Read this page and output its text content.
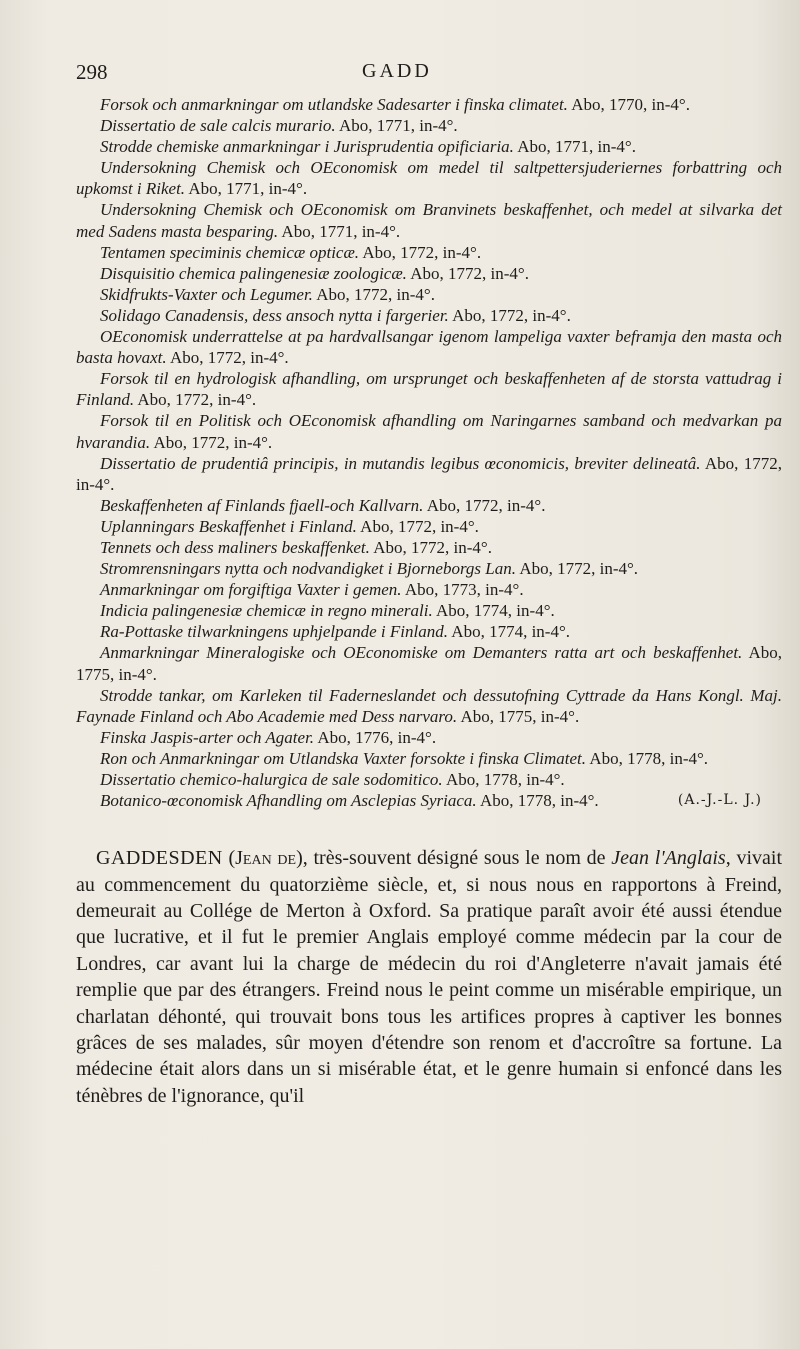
298	GADD

Forsok och anmarkningar om utlandske Sadesarter i finska climatet. Abo, 1770, in-4°.

Dissertatio de sale calcis murario. Abo, 1771, in-4°.

Strodde chemiske anmarkningar i Jurisprudentia opificiaria. Abo, 1771, in-4°.

Undersokning Chemisk och OEconomisk om medel til saltpettersjuderiernes forbattring och upkomst i Riket. Abo, 1771, in-4°.

Undersokning Chemisk och OEconomisk om Branvinets beskaffenhet, och medel at silvarka det med Sadens masta besparing. Abo, 1771, in-4°.

Tentamen speciminis chemicæ opticæ. Abo, 1772, in-4°.

Disquisitio chemica palingenesiæ zoologicæ. Abo, 1772, in-4°.

Skidfrukts-Vaxter och Legumer. Abo, 1772, in-4°.

Solidago Canadensis, dess ansoch nytta i fargerier. Abo, 1772, in-4°.

OEconomisk underrattelse at pa hardvallsangar igenom lampeliga vaxter beframja den masta och basta hovaxt. Abo, 1772, in-4°.

Forsok til en hydrologisk afhandling, om ursprunget och beskaffenheten af de storsta vattudrag i Finland. Abo, 1772, in-4°.

Forsok til en Politisk och OEconomisk afhandling om Naringarnes samband och medvarkan pa hvarandia. Abo, 1772, in-4°.

Dissertatio de prudentiâ principis, in mutandis legibus œconomicis, breviter delineatâ. Abo, 1772, in-4°.

Beskaffenheten af Finlands fjaell-och Kallvarn. Abo, 1772, in-4°.

Uplanningars Beskaffenhet i Finland. Abo, 1772, in-4°.

Tennets och dess maliners beskaffenket. Abo, 1772, in-4°.

Stromrensningars nytta och nodvandigket i Bjorneborgs Lan. Abo, 1772, in-4°.

Anmarkningar om forgiftiga Vaxter i gemen. Abo, 1773, in-4°.

Indicia palingenesiæ chemicæ in regno minerali. Abo, 1774, in-4°.

Ra-Pottaske tilwarkningens uphjelpande i Finland. Abo, 1774, in-4°.

Anmarkningar Mineralogiske och OEconomiske om Demanters ratta art och beskaffenhet. Abo, 1775, in-4°.

Strodde tankar, om Karleken til Faderneslandet och dessutofning Cyttrade da Hans Kongl. Maj. Faynade Finland och Abo Academie med Dess narvaro. Abo, 1775, in-4°.

Finska Jaspis-arter och Agater. Abo, 1776, in-4°.

Ron och Anmarkningar om Utlandska Vaxter forsokte i finska Climatet. Abo, 1778, in-4°.

Dissertatio chemico-halurgica de sale sodomitico. Abo, 1778, in-4°.

Botanico-œconomisk Afhandling om Asclepias Syriaca. Abo, 1778, in-4°.	(A.-J.-L. J.)
GADDESDEN (Jean de), très-souvent désigné sous le nom de Jean l'Anglais, vivait au commencement du quatorzième siècle, et, si nous nous en rapportons à Freind, demeurait au Collége de Merton à Oxford. Sa pratique paraît avoir été aussi étendue que lucrative, et il fut le premier Anglais employé comme médecin par la cour de Londres, car avant lui la charge de médecin du roi d'Angleterre n'avait jamais été remplie que par des étrangers. Freind nous le peint comme un misérable empirique, un charlatan déhonté, qui trouvait bons tous les artifices propres à captiver les bonnes grâces de ses malades, sûr moyen d'étendre son renom et d'accroître sa fortune. La médecine était alors dans un si misérable état, et le genre humain si enfoncé dans les ténèbres de l'ignorance, qu'il
